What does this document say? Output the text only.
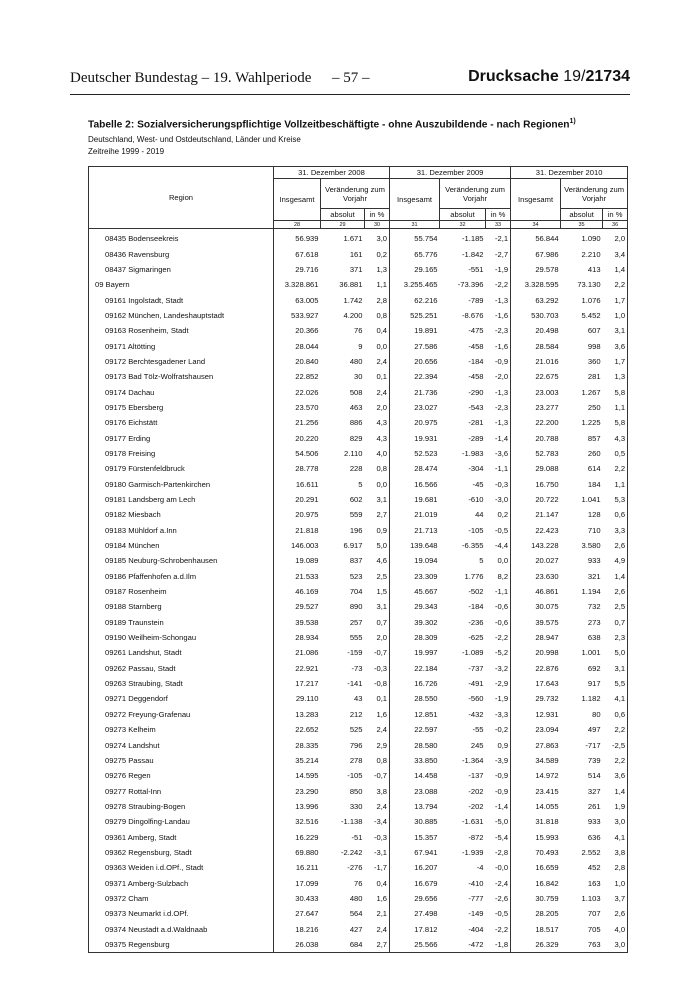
Deutscher Bundestag – 19. Wahlperiode – 57 –	Drucksache 19/21734
Tabelle 2: Sozialversicherungspflichtige Vollzeitbeschäftigte - ohne Auszubildende - nach Regionen$^{1)}$
Deutschland, West- und Ostdeutschland, Länder und Kreise
Zeitreihe 1999 - 2019
Region	31. Dezember 2008			31. Dezember 2009			31. Dezember 2010		
	Insgesamt	Veränderung zum Vorjahr		Insgesamt	Veränderung zum Vorjahr		Insgesamt	Veränderung zum Vorjahr	
		absolut	in %		absolut	in %		absolut	in %
	28	29	30	31	32	33	34	35	36
08435 Bodenseekreis	56.939	1.671	3,0	55.754	-1.185	-2,1	56.844	1.090	2,0
08436 Ravensburg	67.618	161	0,2	65.776	-1.842	-2,7	67.986	2.210	3,4
08437 Sigmaringen	29.716	371	1,3	29.165	-551	-1,9	29.578	413	1,4
09 Bayern	3.328.861	36.881	1,1	3.255.465	-73.396	-2,2	3.328.595	73.130	2,2
09161 Ingolstadt, Stadt	63.005	1.742	2,8	62.216	-789	-1,3	63.292	1.076	1,7
09162 München, Landeshauptstadt	533.927	4.200	0,8	525.251	-8.676	-1,6	530.703	5.452	1,0
09163 Rosenheim, Stadt	20.366	76	0,4	19.891	-475	-2,3	20.498	607	3,1
09171 Altötting	28.044	9	0,0	27.586	-458	-1,6	28.584	998	3,6
09172 Berchtesgadener Land	20.840	480	2,4	20.656	-184	-0,9	21.016	360	1,7
09173 Bad Tölz-Wolfratshausen	22.852	30	0,1	22.394	-458	-2,0	22.675	281	1,3
09174 Dachau	22.026	508	2,4	21.736	-290	-1,3	23.003	1.267	5,8
09175 Ebersberg	23.570	463	2,0	23.027	-543	-2,3	23.277	250	1,1
09176 Eichstätt	21.256	886	4,3	20.975	-281	-1,3	22.200	1.225	5,8
09177 Erding	20.220	829	4,3	19.931	-289	-1,4	20.788	857	4,3
09178 Freising	54.506	2.110	4,0	52.523	-1.983	-3,6	52.783	260	0,5
09179 Fürstenfeldbruck	28.778	228	0,8	28.474	-304	-1,1	29.088	614	2,2
09180 Garmisch-Partenkirchen	16.611	5	0,0	16.566	-45	-0,3	16.750	184	1,1
09181 Landsberg am Lech	20.291	602	3,1	19.681	-610	-3,0	20.722	1.041	5,3
09182 Miesbach	20.975	559	2,7	21.019	44	0,2	21.147	128	0,6
09183 Mühldorf a.Inn	21.818	196	0,9	21.713	-105	-0,5	22.423	710	3,3
09184 München	146.003	6.917	5,0	139.648	-6.355	-4,4	143.228	3.580	2,6
09185 Neuburg-Schrobenhausen	19.089	837	4,6	19.094	5	0,0	20.027	933	4,9
09186 Pfaffenhofen a.d.Ilm	21.533	523	2,5	23.309	1.776	8,2	23.630	321	1,4
09187 Rosenheim	46.169	704	1,5	45.667	-502	-1,1	46.861	1.194	2,6
09188 Starnberg	29.527	890	3,1	29.343	-184	-0,6	30.075	732	2,5
09189 Traunstein	39.538	257	0,7	39.302	-236	-0,6	39.575	273	0,7
09190 Weilheim-Schongau	28.934	555	2,0	28.309	-625	-2,2	28.947	638	2,3
09261 Landshut, Stadt	21.086	-159	-0,7	19.997	-1.089	-5,2	20.998	1.001	5,0
09262 Passau, Stadt	22.921	-73	-0,3	22.184	-737	-3,2	22.876	692	3,1
09263 Straubing, Stadt	17.217	-141	-0,8	16.726	-491	-2,9	17.643	917	5,5
09271 Deggendorf	29.110	43	0,1	28.550	-560	-1,9	29.732	1.182	4,1
09272 Freyung-Grafenau	13.283	212	1,6	12.851	-432	-3,3	12.931	80	0,6
09273 Kelheim	22.652	525	2,4	22.597	-55	-0,2	23.094	497	2,2
09274 Landshut	28.335	796	2,9	28.580	245	0,9	27.863	-717	-2,5
09275 Passau	35.214	278	0,8	33.850	-1.364	-3,9	34.589	739	2,2
09276 Regen	14.595	-105	-0,7	14.458	-137	-0,9	14.972	514	3,6
09277 Rottal-Inn	23.290	850	3,8	23.088	-202	-0,9	23.415	327	1,4
09278 Straubing-Bogen	13.996	330	2,4	13.794	-202	-1,4	14.055	261	1,9
09279 Dingolfing-Landau	32.516	-1.138	-3,4	30.885	-1.631	-5,0	31.818	933	3,0
09361 Amberg, Stadt	16.229	-51	-0,3	15.357	-872	-5,4	15.993	636	4,1
09362 Regensburg, Stadt	69.880	-2.242	-3,1	67.941	-1.939	-2,8	70.493	2.552	3,8
09363 Weiden i.d.OPf., Stadt	16.211	-276	-1,7	16.207	-4	-0,0	16.659	452	2,8
09371 Amberg-Sulzbach	17.099	76	0,4	16.679	-410	-2,4	16.842	163	1,0
09372 Cham	30.433	480	1,6	29.656	-777	-2,6	30.759	1.103	3,7
09373 Neumarkt i.d.OPf.	27.647	564	2,1	27.498	-149	-0,5	28.205	707	2,6
09374 Neustadt a.d.Waldnaab	18.216	427	2,4	17.812	-404	-2,2	18.517	705	4,0
09375 Regensburg	26.038	684	2,7	25.566	-472	-1,8	26.329	763	3,0
